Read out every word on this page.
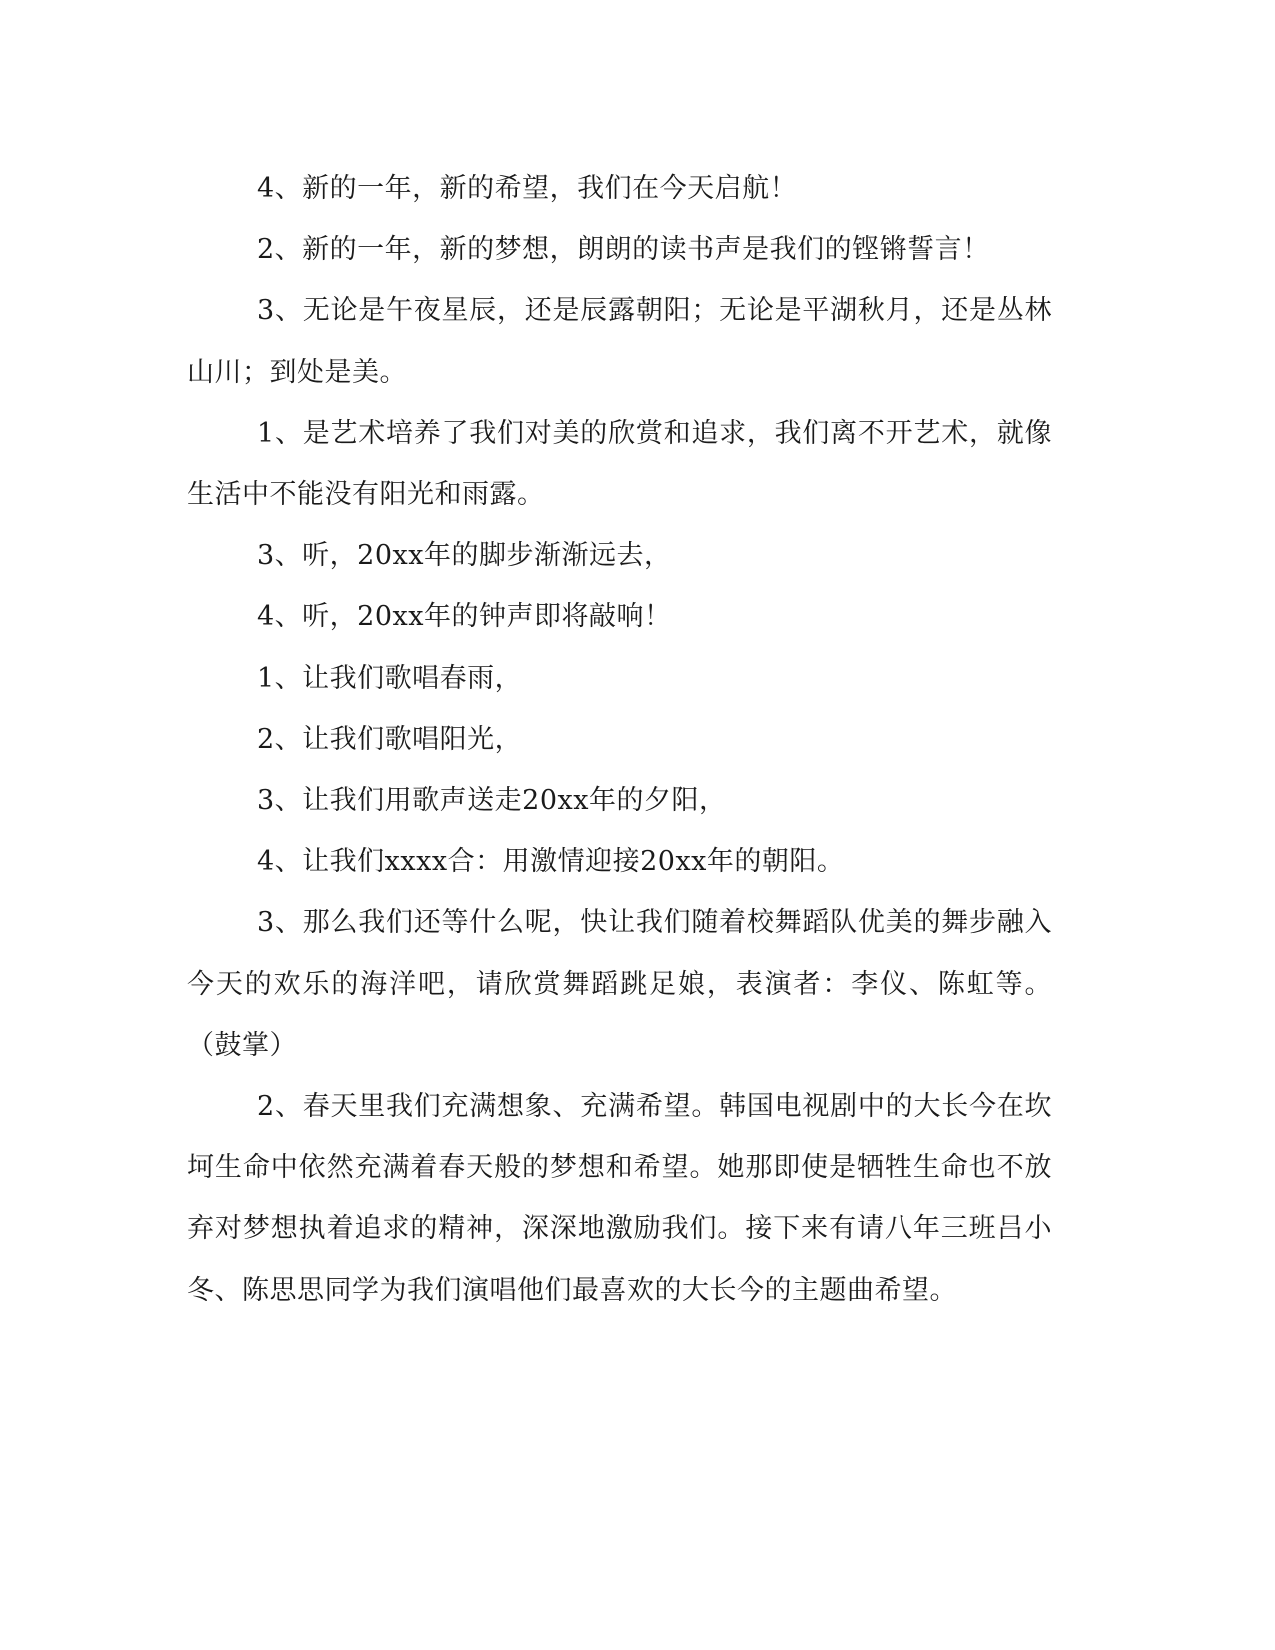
4、新的一年，新的希望，我们在今天启航！

2、新的一年，新的梦想，朗朗的读书声是我们的铿锵誓言！

3、无论是午夜星辰，还是辰露朝阳；无论是平湖秋月，还是丛林山川；到处是美。

1、是艺术培养了我们对美的欣赏和追求，我们离不开艺术，就像生活中不能没有阳光和雨露。

3、听，20xx年的脚步渐渐远去，

4、听，20xx年的钟声即将敲响！

1、让我们歌唱春雨，

2、让我们歌唱阳光，

3、让我们用歌声送走20xx年的夕阳，

4、让我们xxxx合：用激情迎接20xx年的朝阳。

3、那么我们还等什么呢，快让我们随着校舞蹈队优美的舞步融入今天的欢乐的海洋吧，请欣赏舞蹈跳足娘，表演者：李仪、陈虹等。（鼓掌）

2、春天里我们充满想象、充满希望。韩国电视剧中的大长今在坎坷生命中依然充满着春天般的梦想和希望。她那即使是牺牲生命也不放弃对梦想执着追求的精神，深深地激励我们。接下来有请八年三班吕小冬、陈思思同学为我们演唱他们最喜欢的大长今的主题曲希望。
